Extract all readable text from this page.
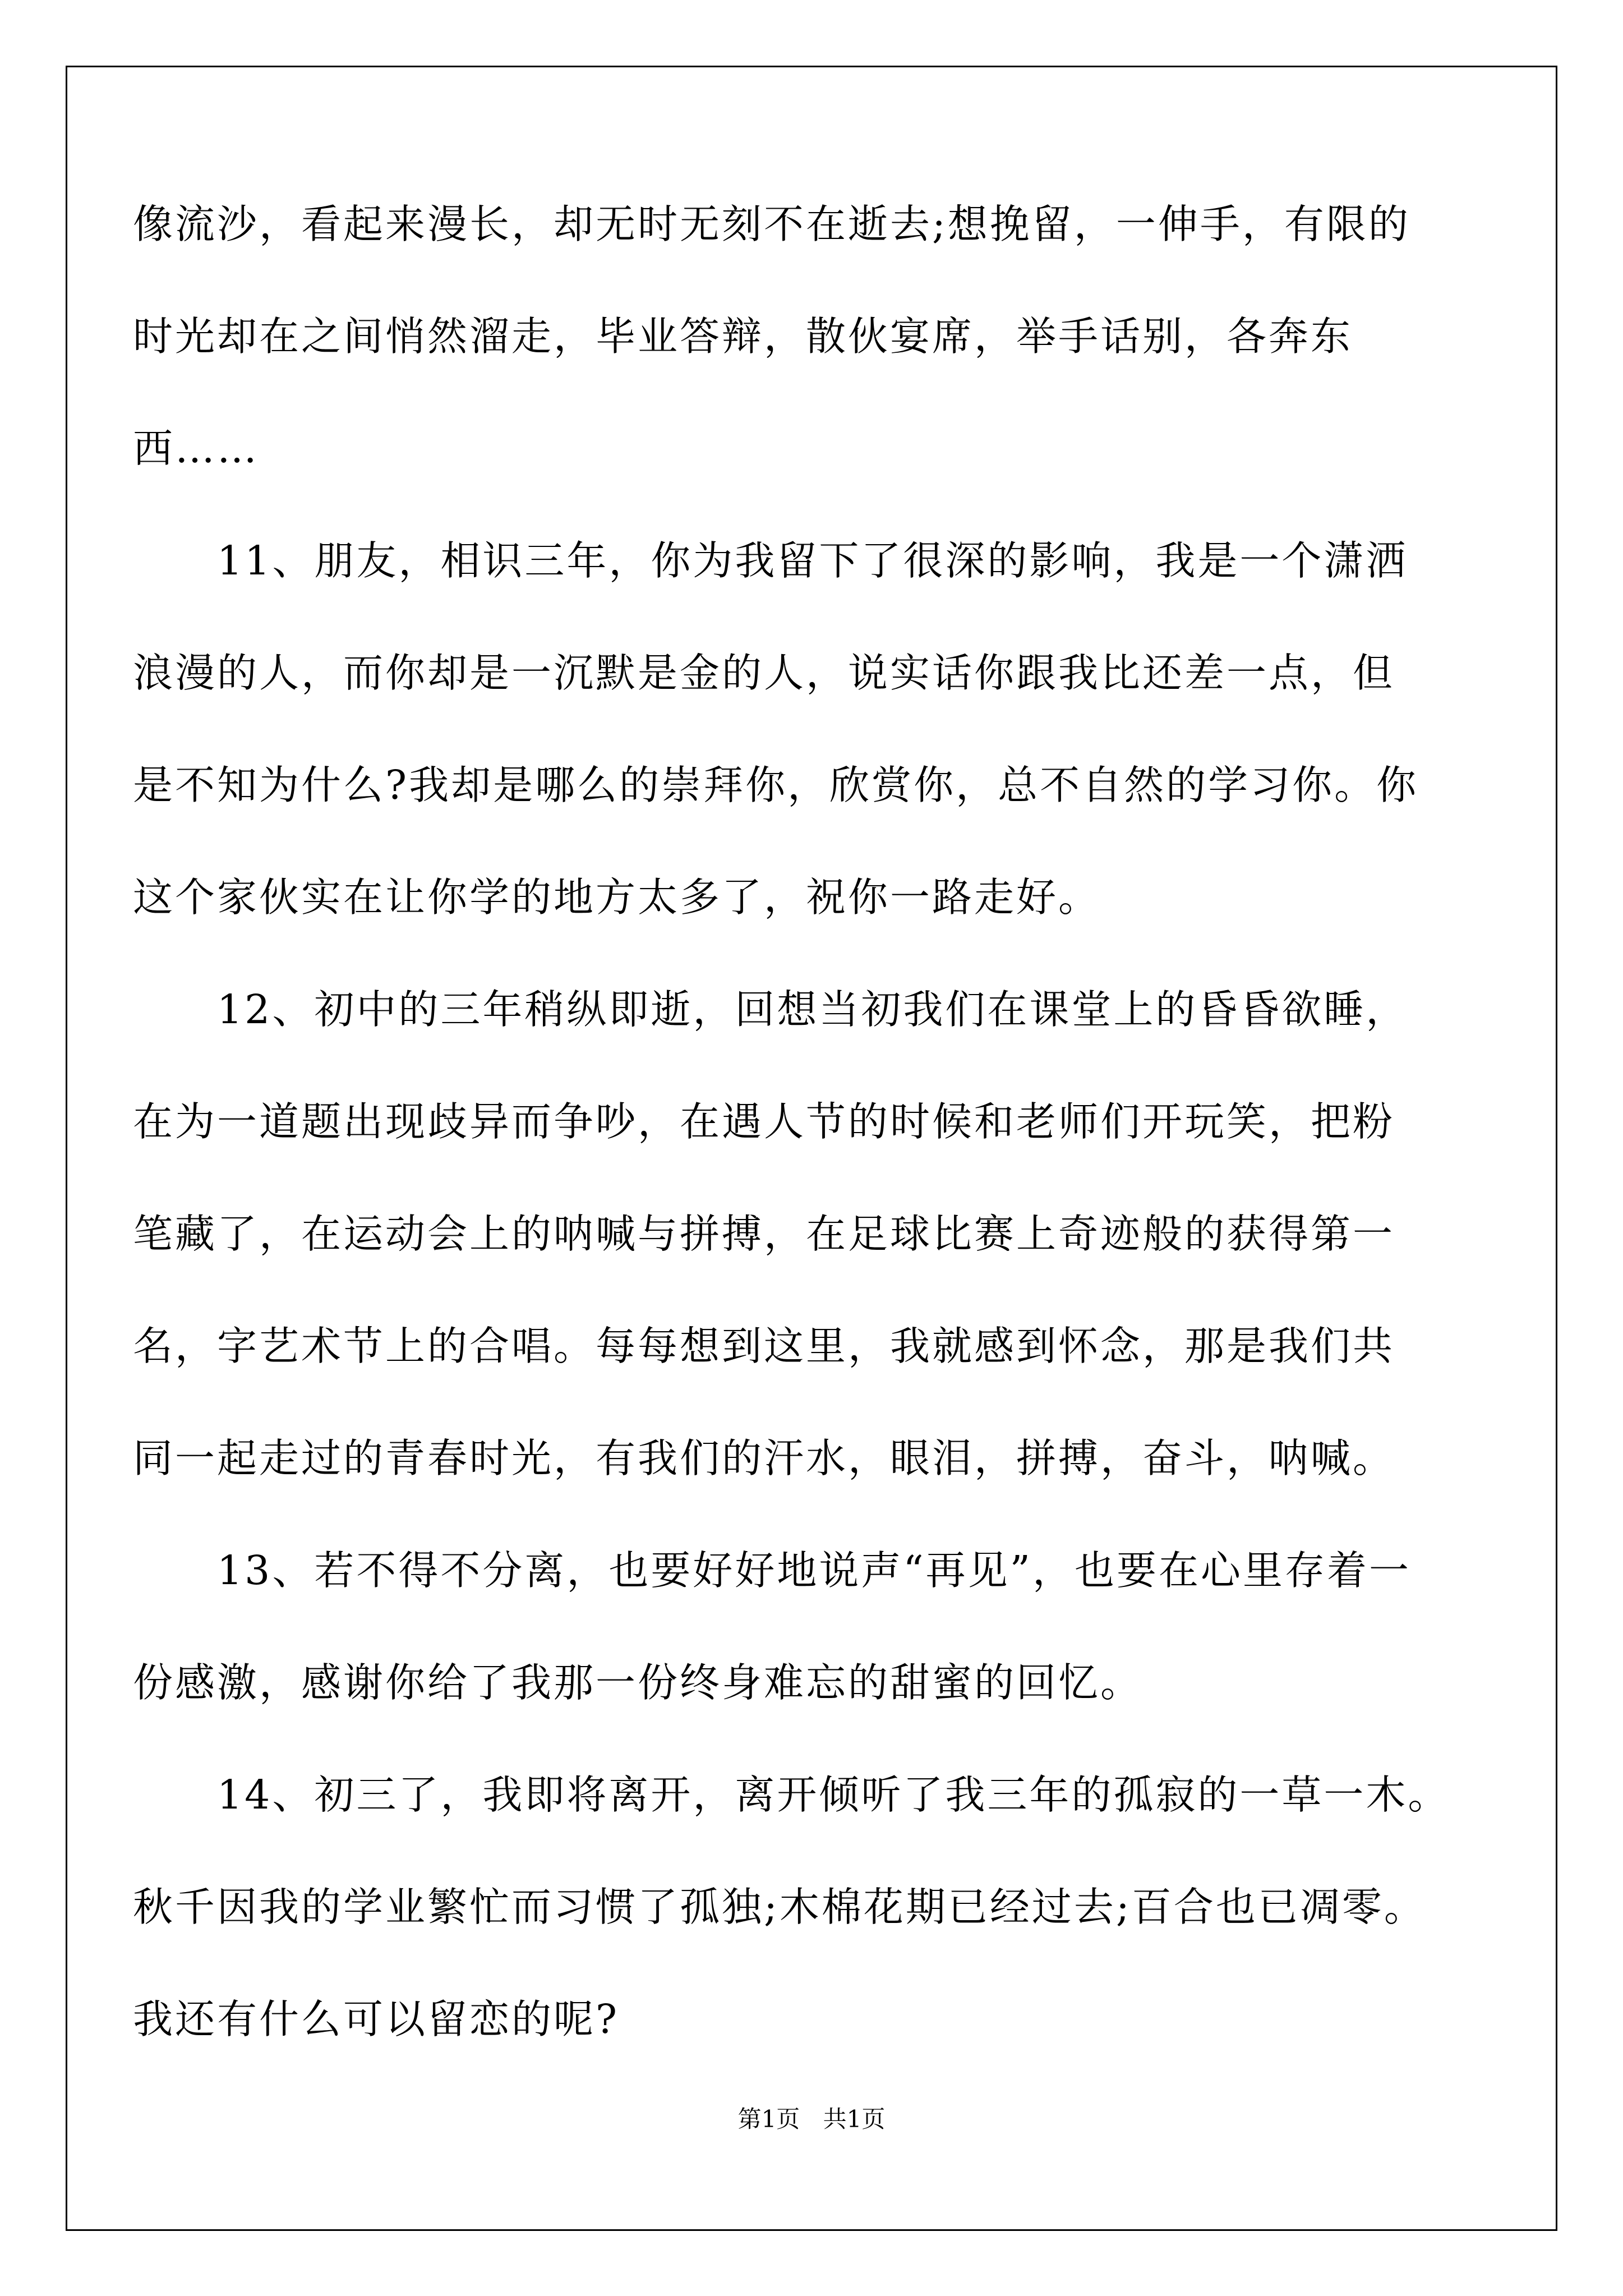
像流沙，看起来漫长，却无时无刻不在逝去;想挽留，一伸手，有限的
时光却在之间悄然溜走，毕业答辩，散伙宴席，举手话别，各奔东
西……
　　11、朋友，相识三年，你为我留下了很深的影响，我是一个潇洒
浪漫的人，而你却是一沉默是金的人，说实话你跟我比还差一点，但
是不知为什么?我却是哪么的崇拜你，欣赏你，总不自然的学习你。你
这个家伙实在让你学的地方太多了，祝你一路走好。
　　12、初中的三年稍纵即逝，回想当初我们在课堂上的昏昏欲睡，
在为一道题出现歧异而争吵，在遇人节的时候和老师们开玩笑，把粉
笔藏了，在运动会上的呐喊与拼搏，在足球比赛上奇迹般的获得第一
名，字艺术节上的合唱。每每想到这里，我就感到怀念，那是我们共
同一起走过的青春时光，有我们的汗水，眼泪，拼搏，奋斗，呐喊。
　　13、若不得不分离，也要好好地说声“再见”，也要在心里存着一
份感激，感谢你给了我那一份终身难忘的甜蜜的回忆。
　　14、初三了，我即将离开，离开倾听了我三年的孤寂的一草一木。
秋千因我的学业繁忙而习惯了孤独;木棉花期已经过去;百合也已凋零。
我还有什么可以留恋的呢?
第1页 共1页
